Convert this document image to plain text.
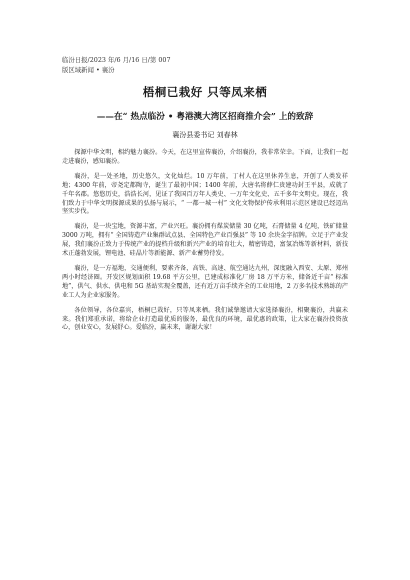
临汾日报/2023 年/6 月/16 日/第 007
版区域新闻 • 襄汾
梧桐已栽好 只等凤来栖
——在“ 热点临汾 • 粤港澳大湾区招商推介会” 上的致辞
襄汾县委书记 刘春林

探源中华文明，相约魅力襄汾。今天，在这里宣传襄汾，介绍襄汾，我非常荣幸。下面，让我们一起走进襄汾，感知襄汾。

襄汾，是一处圣地，历史悠久，文化灿烂。10 万年前，丁村人在这里休养生息，开创了人类发祥地；4300 年前，帝尧定都陶寺，诞生了最初中国；1400 年前，大唐名将薛仁贵建功封王平县，成就了千年名郡。悠悠历史，浩浩长河，见证了我国百万年人类史、一万年文化史、五千多年文明史。现在，我们致力于中华文明探源成果的弘扬与展示，“ 一都一城一村” 文化文物保护传承利用示范区建设已经迈出坚实步伐。

襄汾，是一块宝地，资源丰富，产业兴旺。襄汾拥有煤炭储量 30 亿吨，石膏储量 4 亿吨，铁矿储量 3000 万吨，拥有“ 全国铸造产业集群试点县、全国特色产业百强县” 等 10 余块金字招牌。立足于产业发展，我们襄汾正致力于传统产业的提档升级和新兴产业的培育壮大，精密铸造，富氢冶炼等新材料，新技术正蓬勃发展，锂电池、硅晶片等新能源、新产业蓄势待发。

襄汾，是一方福地，交通便利，要素齐备，高铁、高速、航空通达九州，深度融入西安、太原、郑州两小时经济圈。开发区规划面积 19.68 平方公里，已建成标准化厂房 18 万平方米，储备近千亩“ 标准地”，供气、供水、供电和 5G 基站实现全覆盖，还有近万亩手续齐全的工业用地，2 万多名技术熟练的产业工人为企业家服务。

各位领导，各位嘉宾，梧桐已栽好，只等凤来栖。我们诚挚邀请大家选择襄汾，相聚襄汾，共赢未来。我们郑重承诺，将给企业打造最优质的服务，最优良的环境，最优惠的政策，让大家在襄汾投资放心，创业安心，发展舒心。爱临汾，赢未来，谢谢大家！
